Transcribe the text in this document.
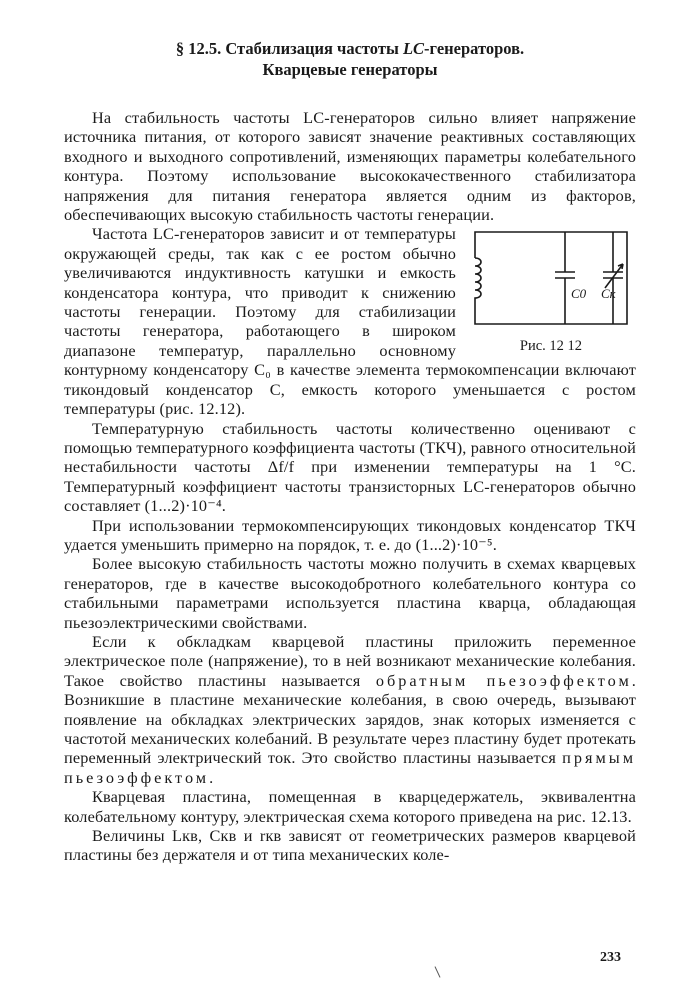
§ 12.5. Стабилизация частоты LC-генераторов.
Кварцевые генераторы

На стабильность частоты LC-генераторов сильно влияет напряжение источника питания, от которого зависят значение реактивных составляющих входного и выходного сопротивлений, изменяющих параметры колебательного контура. Поэтому использование высококачественного стабилизатора напряжения для питания генератора является одним из факторов, обеспечивающих высокую стабильность частоты генерации.

C0 Cк
Рис. 12 12

Частота LC-генераторов зависит и от температуры окружающей среды, так как с ее ростом обычно увеличиваются индуктивность катушки и емкость конденсатора контура, что приводит к снижению частоты генерации. Поэтому для стабилизации частоты генератора, работающего в широком диапазоне температур, параллельно основному контурному конденсатору C₀ в качестве элемента термокомпенсации включают тикондовый конденсатор C, емкость которого уменьшается с ростом температуры (рис. 12.12).

Температурную стабильность частоты количественно оценивают с помощью температурного коэффициента частоты (ТКЧ), равного относительной нестабильности частоты Δf/f при изменении температуры на 1 °С. Температурный коэффициент частоты транзисторных LC-генераторов обычно составляет (1...2)·10⁻⁴.

При использовании термокомпенсирующих тикондовых конденсатор ТКЧ удается уменьшить примерно на порядок, т. е. до (1...2)·10⁻⁵.

Более высокую стабильность частоты можно получить в схемах кварцевых генераторов, где в качестве высокодобротного колебательного контура со стабильными параметрами используется пластина кварца, обладающая пьезоэлектрическими свойствами.

Если к обкладкам кварцевой пластины приложить переменное электрическое поле (напряжение), то в ней возникают механические колебания. Такое свойство пластины называется обратным пьезоэффектом. Возникшие в пластине механические колебания, в свою очередь, вызывают появление на обкладках электрических зарядов, знак которых изменяется с частотой механических колебаний. В результате через пластину будет протекать переменный электрический ток. Это свойство пластины называется прямым пьезоэффектом.

Кварцевая пластина, помещенная в кварцедержатель, эквивалентна колебательному контуру, электрическая схема которого приведена на рис. 12.13.

Величины Lкв, Cкв и rкв зависят от геометрических размеров кварцевой пластины без держателя и от типа механических коле-

233
